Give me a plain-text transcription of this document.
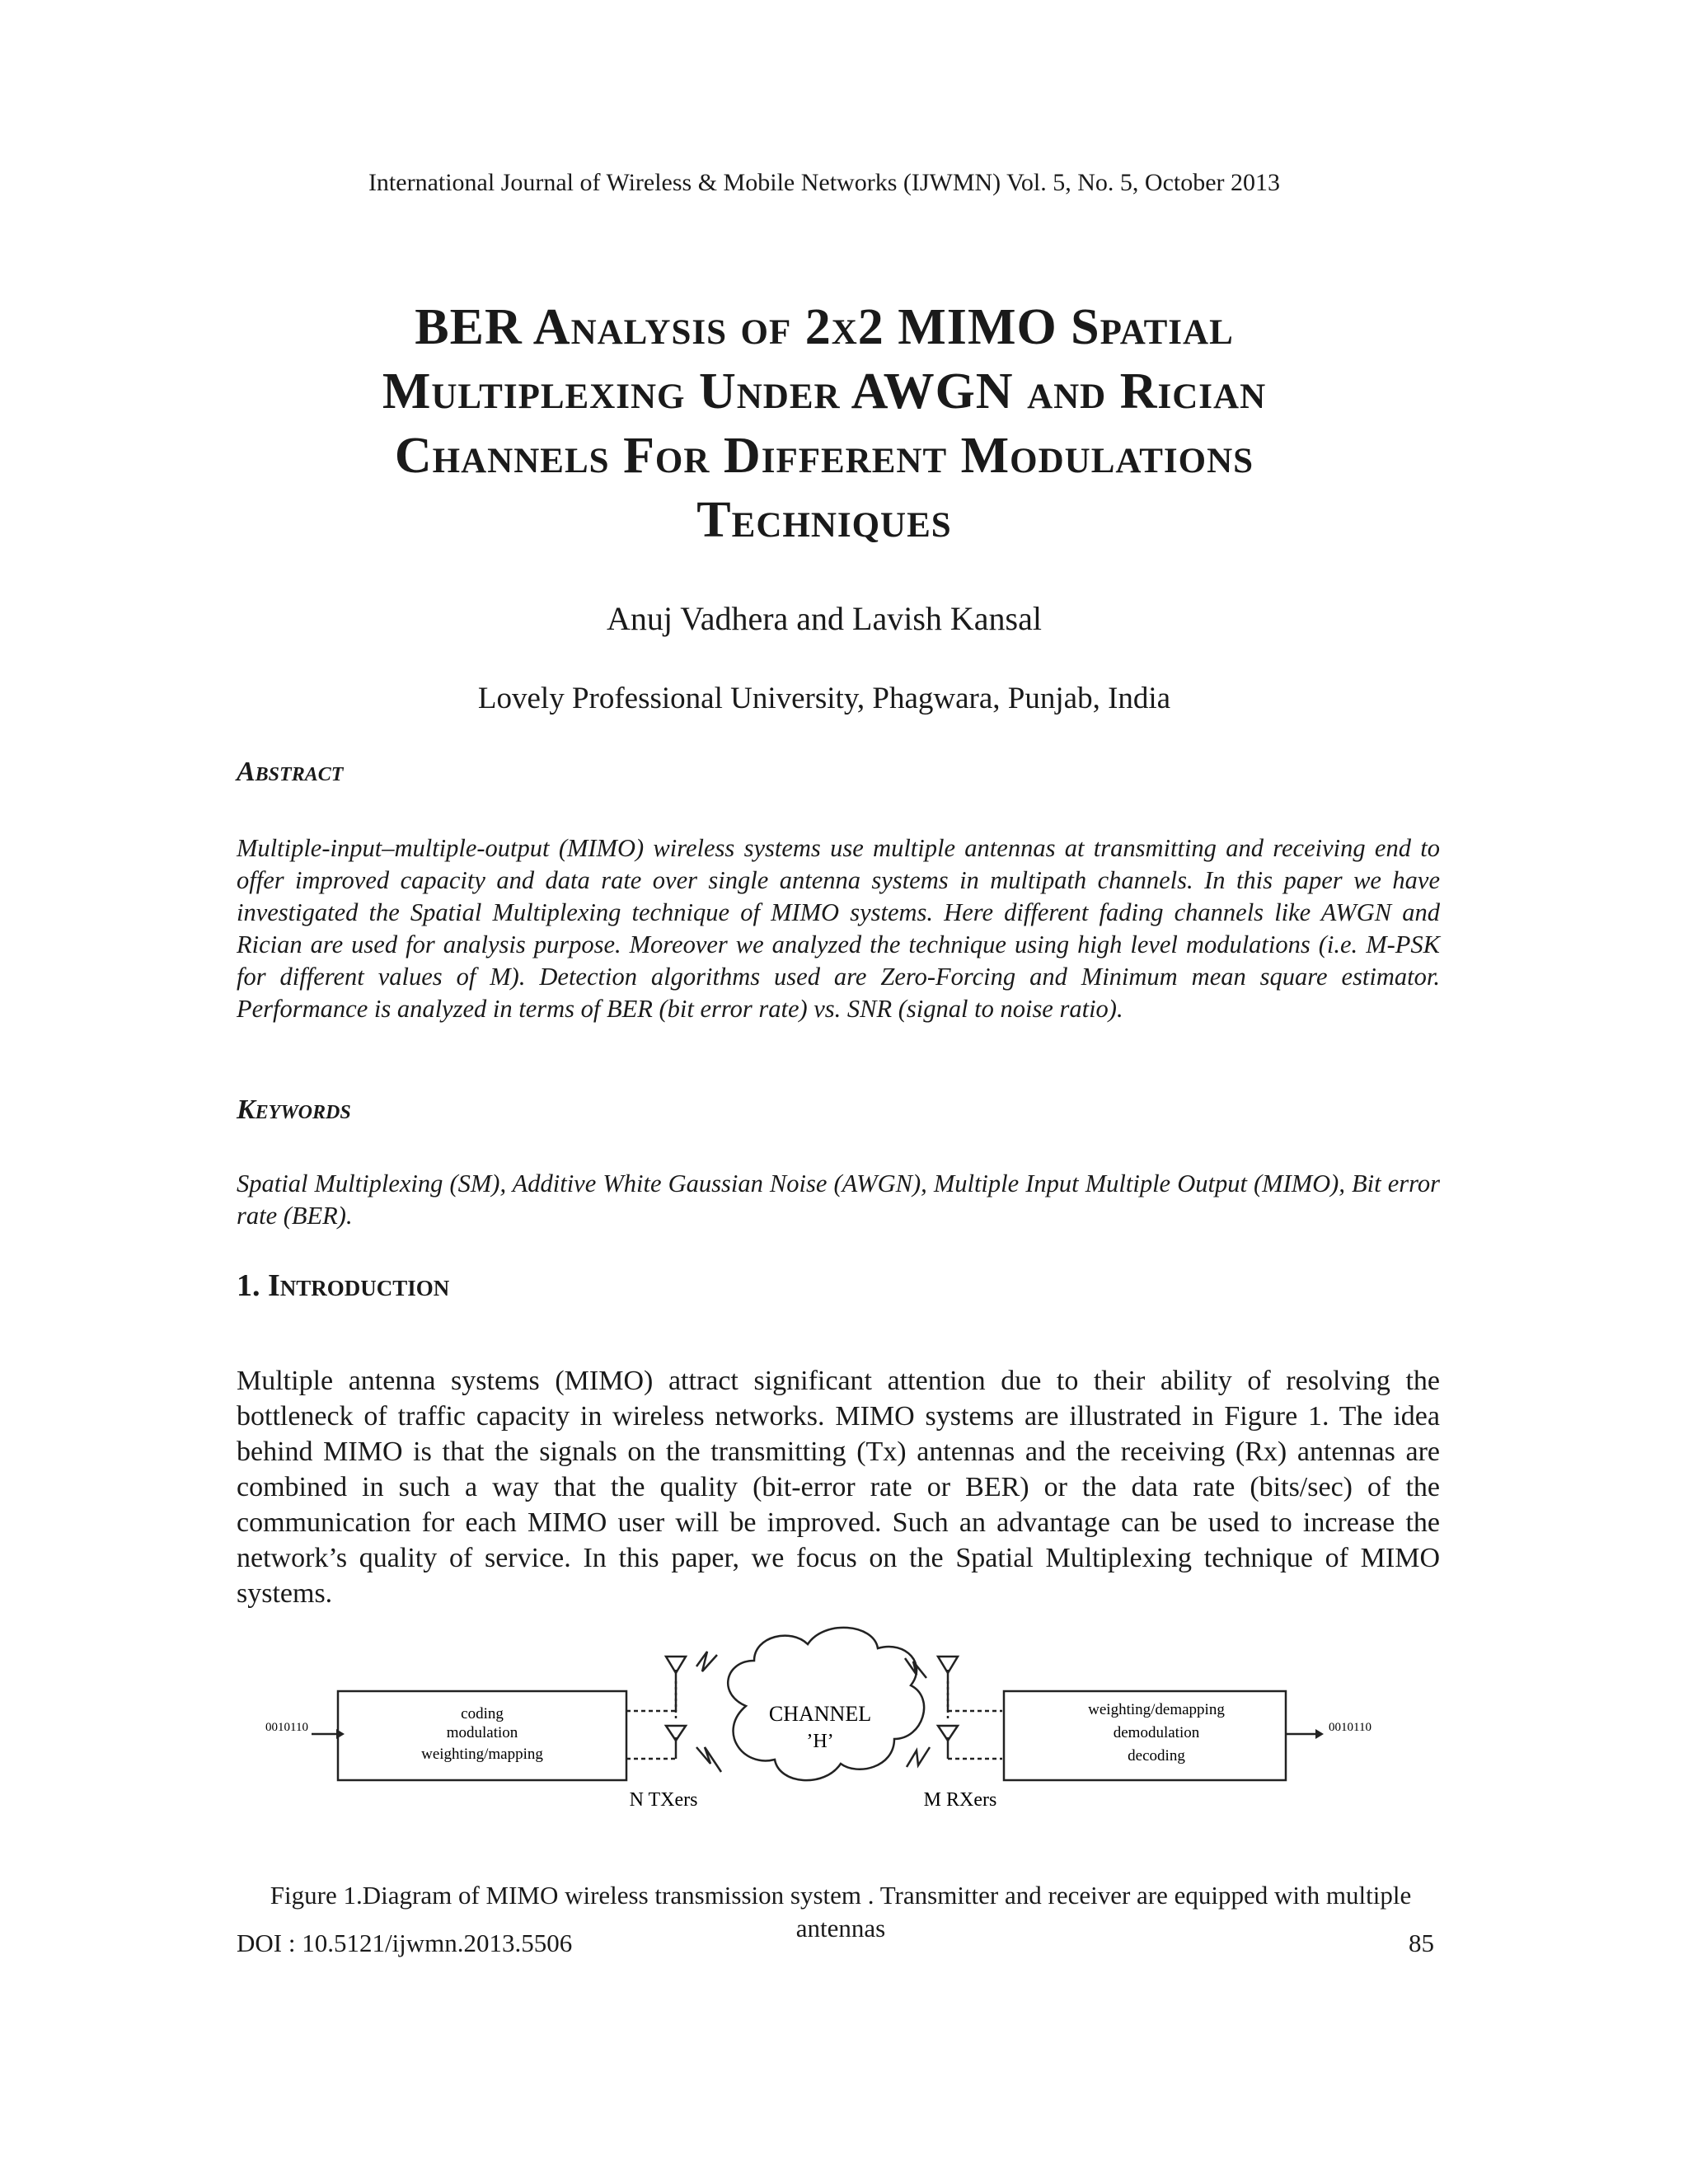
International Journal of Wireless & Mobile Networks (IJWMN) Vol. 5, No. 5, October 2013
BER Analysis of 2x2 MIMO Spatial
Multiplexing Under AWGN and Rician
Channels For Different Modulations
Techniques
Anuj Vadhera and Lavish Kansal
Lovely Professional University, Phagwara, Punjab, India
Abstract
Multiple-input–multiple-output (MIMO) wireless systems use multiple antennas at transmitting and receiving end to offer improved capacity and data rate over single antenna systems in multipath channels. In this paper we have investigated the Spatial Multiplexing technique of MIMO systems. Here different fading channels like AWGN and Rician are used for analysis purpose. Moreover we analyzed the technique using high level modulations (i.e. M-PSK for different values of M). Detection algorithms used are Zero-Forcing and Minimum mean square estimator. Performance is analyzed in terms of BER (bit error rate) vs. SNR (signal to noise ratio).
Keywords
Spatial Multiplexing (SM), Additive White Gaussian Noise (AWGN), Multiple Input Multiple Output (MIMO), Bit error rate (BER).
1. Introduction
Multiple antenna systems (MIMO) attract significant attention due to their ability of resolving the bottleneck of traffic capacity in wireless networks. MIMO systems are illustrated in Figure 1. The idea behind MIMO is that the signals on the transmitting (Tx) antennas and the receiving (Rx) antennas are combined in such a way that the quality (bit-error rate or BER) or the data rate (bits/sec) of the communication for each MIMO user will be improved. Such an advantage can be used to increase the network’s quality of service. In this paper, we focus on the Spatial Multiplexing technique of MIMO systems.
0010110	0010110
coding
modulation
weighting/mapping
weighting/demapping
demodulation
decoding
CHANNEL
’H’
N TXers	M RXers
Figure 1.Diagram of MIMO wireless transmission system . Transmitter and receiver are equipped with multiple antennas
DOI : 10.5121/ijwmn.2013.5506	85
